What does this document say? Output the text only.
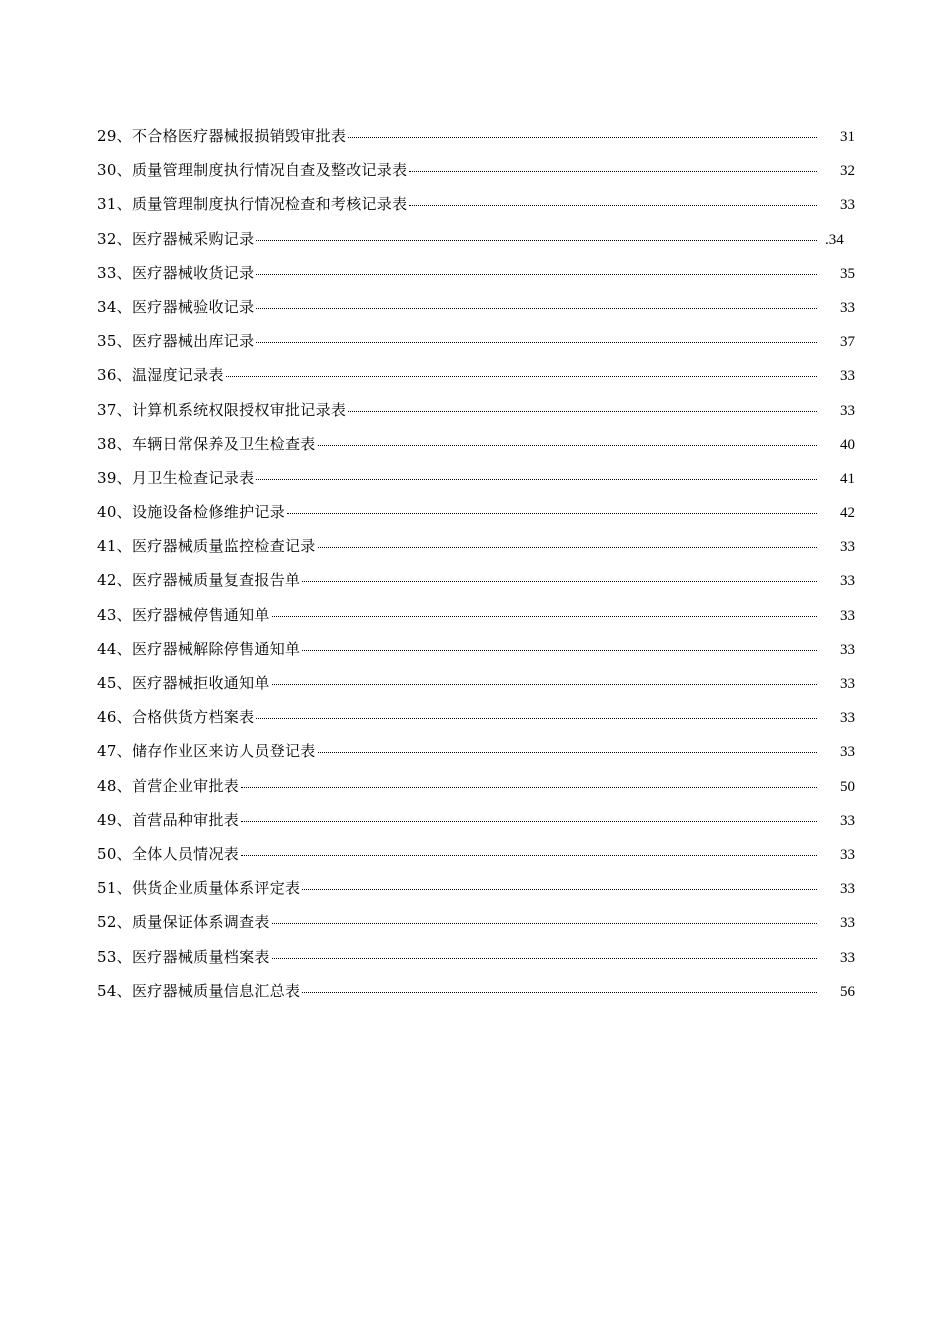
29、不合格医疗器械报损销毁审批表	31
30、质量管理制度执行情况自查及整改记录表	32
31、质量管理制度执行情况检查和考核记录表	33
32、医疗器械采购记录	.34
33、医疗器械收货记录	35
34、医疗器械验收记录	33
35、医疗器械出库记录	37
36、温湿度记录表	33
37、计算机系统权限授权审批记录表	33
38、车辆日常保养及卫生检查表	40
39、月卫生检查记录表	41
40、设施设备检修维护记录	42
41、医疗器械质量监控检查记录	33
42、医疗器械质量复查报告单	33
43、医疗器械停售通知单	33
44、医疗器械解除停售通知单	33
45、医疗器械拒收通知单	33
46、合格供货方档案表	33
47、储存作业区来访人员登记表	33
48、首营企业审批表	50
49、首营品种审批表	33
50、全体人员情况表	33
51、供货企业质量体系评定表	33
52、质量保证体系调查表	33
53、医疗器械质量档案表	33
54、医疗器械质量信息汇总表	56
